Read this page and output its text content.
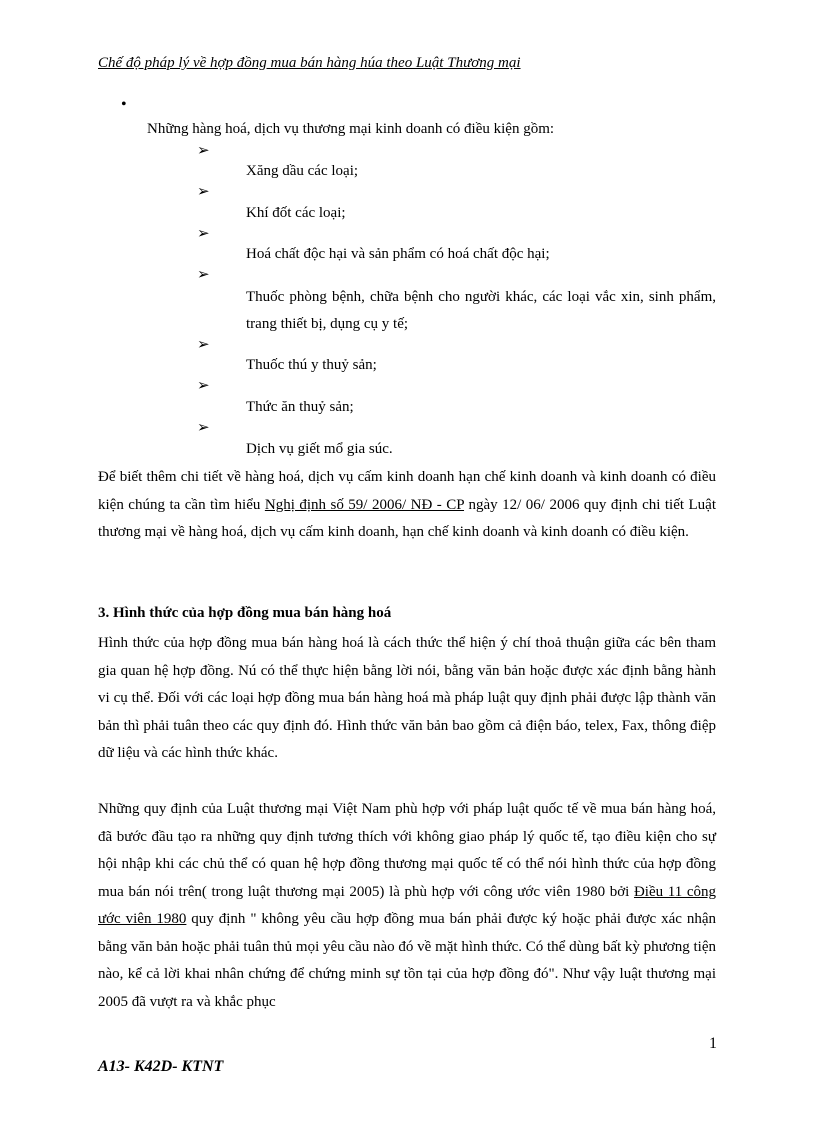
Chế độ pháp lý về hợp đồng mua bán hàng húa theo Luật Thương mại
•
Những hàng hoá, dịch vụ thương mại kinh doanh có điều kiện gồm:
➢
Xăng dầu các loại;
➢
Khí đốt các loại;
➢
Hoá chất độc hại và sản phẩm có hoá chất độc hại;
➢
Thuốc phòng bệnh, chữa bệnh cho người khác, các loại vắc xin, sinh phẩm, trang thiết bị, dụng cụ y tế;
➢
Thuốc thú y thuỷ sản;
➢
Thức ăn thuỷ sản;
➢
Dịch vụ giết mổ gia súc.
Để biết thêm chi tiết về hàng hoá, dịch vụ cấm kinh doanh hạn chế kinh doanh và kinh doanh có điều kiện chúng ta cần tìm hiểu Nghị định số 59/ 2006/ NĐ - CP ngày 12/ 06/ 2006 quy định chi tiết Luật thương mại về hàng hoá, dịch vụ cấm kinh doanh, hạn chế kinh doanh và kinh doanh có điều kiện.
3. Hình thức của hợp đồng mua bán hàng hoá
Hình thức của hợp đồng mua bán hàng hoá là cách thức thể hiện ý chí thoả thuận giữa các bên tham gia quan hệ hợp đồng. Nú có thể thực hiện bằng lời nói, bằng văn bản hoặc được xác định bằng hành vi cụ thể. Đối với các loại hợp đồng mua bán hàng hoá mà pháp luật quy định phải được lập thành văn bản thì phải tuân theo các quy định đó. Hình thức văn bản bao gồm cả điện báo, telex, Fax, thông điệp dữ liệu và các hình thức khác.
Những quy định của Luật thương mại Việt Nam phù hợp với pháp luật quốc tế về mua bán hàng hoá, đã bước đầu tạo ra những quy định tương thích với không giao pháp lý quốc tế, tạo điều kiện cho sự hội nhập khi các chủ thể có quan hệ hợp đồng thương mại quốc tế có thể nói hình thức của hợp đồng mua bán nói trên( trong luật thương mại 2005) là phù hợp với công ước viên 1980 bởi Điều 11 công ước viên 1980 quy định " không yêu cầu hợp đồng mua bán phải được ký hoặc phải được xác nhận bằng văn bản hoặc phải tuân thủ mọi yêu cầu nào đó về mặt hình thức. Có thể dùng bất kỳ phương tiện nào, kể cả lời khai nhân chứng để chứng minh sự tồn tại của hợp đồng đó". Như vậy luật thương mại 2005 đã vượt ra và khắc phục
1
A13- K42D- KTNT
